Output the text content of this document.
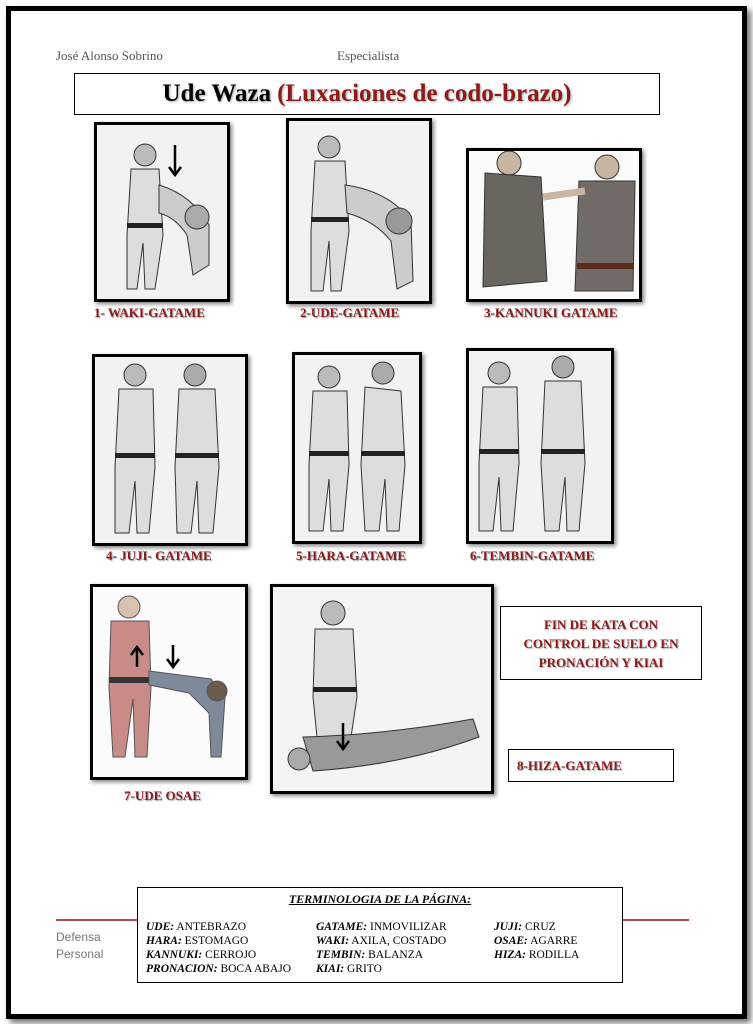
José Alonso Sobrino	Especialista
Ude Waza (Luxaciones de codo-brazo)
1- WAKI-GATAME	2-UDE-GATAME	3-KANNUKI GATAME
4- JUJI- GATAME	5-HARA-GATAME	6-TEMBIN-GATAME
7-UDE OSAE
FIN DE KATA CON
CONTROL DE SUELO EN
PRONACIÓN Y KIAI
8-HIZA-GATAME
Defensa
Personal
TERMINOLOGIA DE LA PÁGINA:
UDE: ANTEBRAZO	GATAME: INMOVILIZAR	JUJI: CRUZ
HARA: ESTOMAGO	WAKI: AXILA, COSTADO	OSAE: AGARRE
KANNUKI: CERROJO	TEMBIN: BALANZA	HIZA: RODILLA
PRONACION: BOCA ABAJO	KIAI: GRITO
